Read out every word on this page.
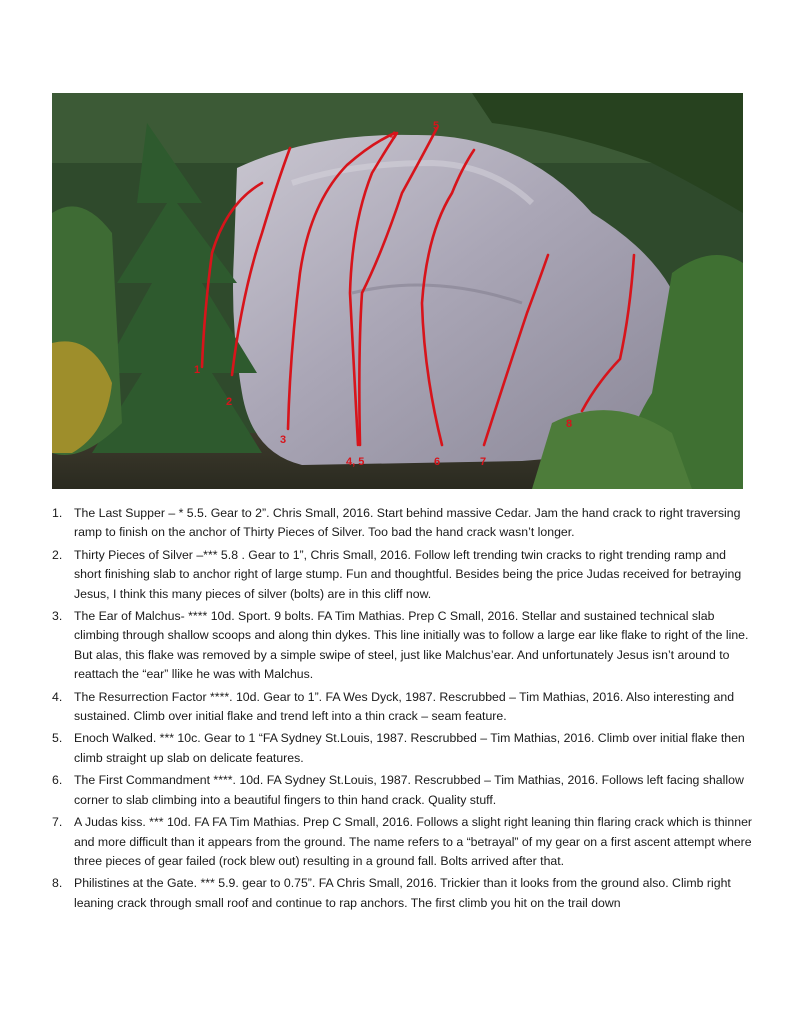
1
2
3
4
5
6	7
8
4, 5
1. The Last Supper – * 5.5. Gear to 2”. Chris Small, 2016. Start behind massive Cedar. Jam the hand crack to right traversing ramp to finish on the anchor of Thirty Pieces of Silver. Too bad the hand crack wasn’t longer.
2. Thirty Pieces of Silver –*** 5.8 . Gear to 1”, Chris Small, 2016. Follow left trending twin cracks to right trending ramp and short finishing slab to anchor right of large stump. Fun and thoughtful. Besides being the price Judas received for betraying Jesus, I think this many pieces of silver (bolts) are in this cliff now.
3. The Ear of Malchus- **** 10d. Sport. 9 bolts. FA Tim Mathias. Prep C Small, 2016. Stellar and sustained technical slab climbing through shallow scoops and along thin dykes. This line initially was to follow a large ear like flake to right of the line. But alas, this flake was removed by a simple swipe of steel, just like Malchus’ear. And unfortunately Jesus isn’t around to reattach the “ear” llike he was with Malchus.
4. The Resurrection Factor ****. 10d. Gear to 1”. FA Wes Dyck, 1987. Rescrubbed – Tim Mathias, 2016. Also interesting and sustained. Climb over initial flake and trend left into a thin crack – seam feature.
5. Enoch Walked. *** 10c. Gear to 1 “FA Sydney St.Louis, 1987. Rescrubbed – Tim Mathias, 2016. Climb over initial flake then climb straight up slab on delicate features.
6. The First Commandment ****. 10d. FA Sydney St.Louis, 1987. Rescrubbed – Tim Mathias, 2016. Follows left facing shallow corner to slab climbing into a beautiful fingers to thin hand crack. Quality stuff.
7. A Judas kiss. *** 10d. FA FA Tim Mathias. Prep C Small, 2016. Follows a slight right leaning thin flaring crack which is thinner and more difficult than it appears from the ground. The name refers to a “betrayal” of my gear on a first ascent attempt where three pieces of gear failed (rock blew out) resulting in a ground fall. Bolts arrived after that.
8. Philistines at the Gate. *** 5.9. gear to 0.75”. FA Chris Small, 2016. Trickier than it looks from the ground also. Climb right leaning crack through small roof and continue to rap anchors. The first climb you hit on the trail down
